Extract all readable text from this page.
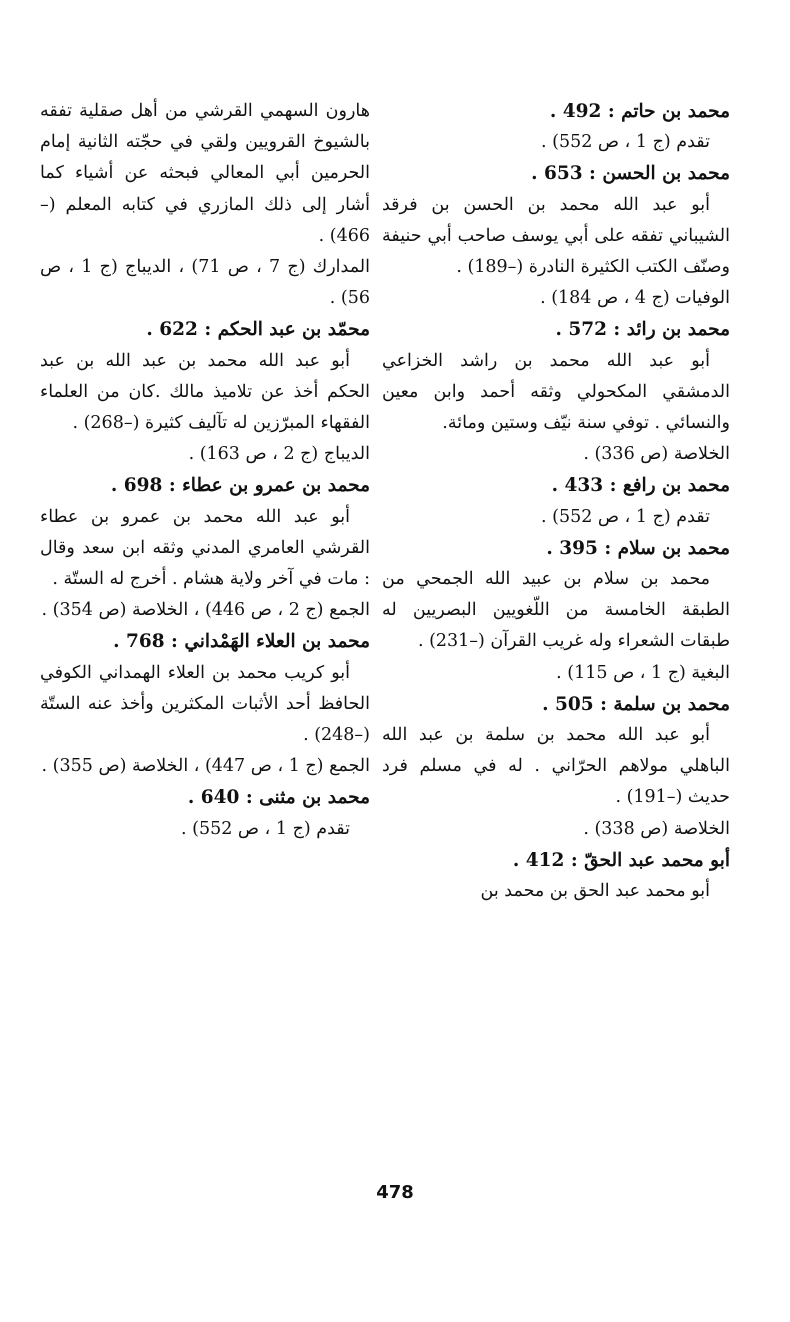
محمد بن حاتم : 492 .
تقدم (ج 1 ، ص 552) .
محمد بن الحسن : 653 .
أبو عبد الله محمد بن الحسن بن فرقد الشيباني تفقه على أبي يوسف صاحب أبي حنيفة وصنّف الكتب الكثيرة النادرة (–189) .
الوفيات (ج 4 ، ص 184) .
محمد بن رائد : 572 .
أبو عبد الله محمد بن راشد الخزاعي الدمشقي المكحولي وثقه أحمد وابن معين والنسائي . توفي سنة نيّف وستين ومائة.
الخلاصة (ص 336) .
محمد بن رافع : 433 .
تقدم (ج 1 ، ص 552) .
محمد بن سلام : 395 .
محمد بن سلام بن عبيد الله الجمحي من الطبقة الخامسة من اللّغويين البصريين له طبقات الشعراء وله غريب القرآن (–231) .
البغية (ج 1 ، ص 115) .
محمد بن سلمة : 505 .
أبو عبد الله محمد بن سلمة بن عبد الله الباهلي مولاهم الحرّاني . له في مسلم فرد حديث (–191) .
الخلاصة (ص 338) .
أبو محمد عبد الحقّ : 412 .
أبو محمد عبد الحق بن محمد بن
هارون السهمي القرشي من أهل صقلية تفقه بالشيوخ القرويين ولقي في حجّته الثانية إمام الحرمين أبي المعالي فبحثه عن أشياء كما أشار إلى ذلك المازري في كتابه المعلم (–466) .
المدارك (ج 7 ، ص 71) ، الديباج (ج 1 ، ص 56) .
محمّد بن عبد الحكم : 622 .
أبو عبد الله محمد بن عبد الله بن عبد الحكم أخذ عن تلاميذ مالك .كان من العلماء الفقهاء المبرّزين له تآليف كثيرة (–268) .
الديباج (ج 2 ، ص 163) .
محمد بن عمرو بن عطاء : 698 .
أبو عبد الله محمد بن عمرو بن عطاء القرشي العامري المدني وثقه ابن سعد وقال : مات في آخر ولاية هشام . أخرج له الستّة .
الجمع (ج 2 ، ص 446) ، الخلاصة (ص 354) .
محمد بن العلاء الهَمْداني : 768 .
أبو كريب محمد بن العلاء الهمداني الكوفي الحافظ أحد الأثبات المكثرين وأخذ عنه الستّة (–248) .
الجمع (ج 1 ، ص 447) ، الخلاصة (ص 355) .
محمد بن مثنى : 640 .
تقدم (ج 1 ، ص 552) .
478
